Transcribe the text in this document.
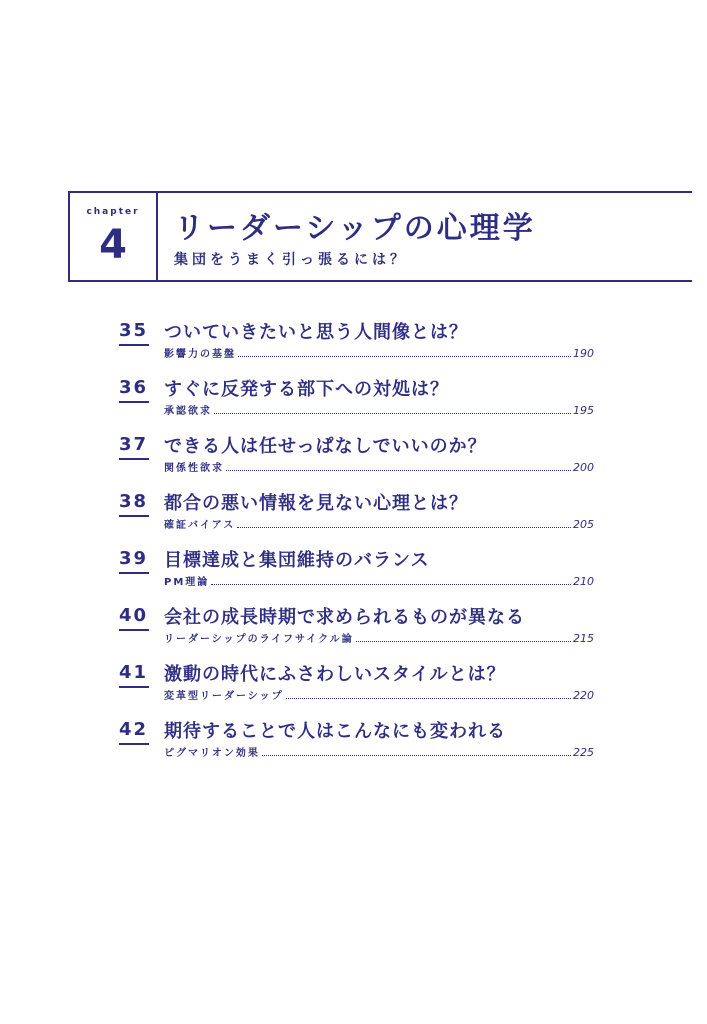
chapter
4	リーダーシップの心理学
集団をうまく引っ張るには？
35 ついていきたいと思う人間像とは？
影響力の基盤	190
36 すぐに反発する部下への対処は？
承認欲求	195
37 できる人は任せっぱなしでいいのか？
関係性欲求	200
38 都合の悪い情報を見ない心理とは？
確証バイアス	205
39 目標達成と集団維持のバランス
PM理論	210
40 会社の成長時期で求められるものが異なる
リーダーシップのライフサイクル論	215
41 激動の時代にふさわしいスタイルとは？
変革型リーダーシップ	220
42 期待することで人はこんなにも変われる
ピグマリオン効果	225
